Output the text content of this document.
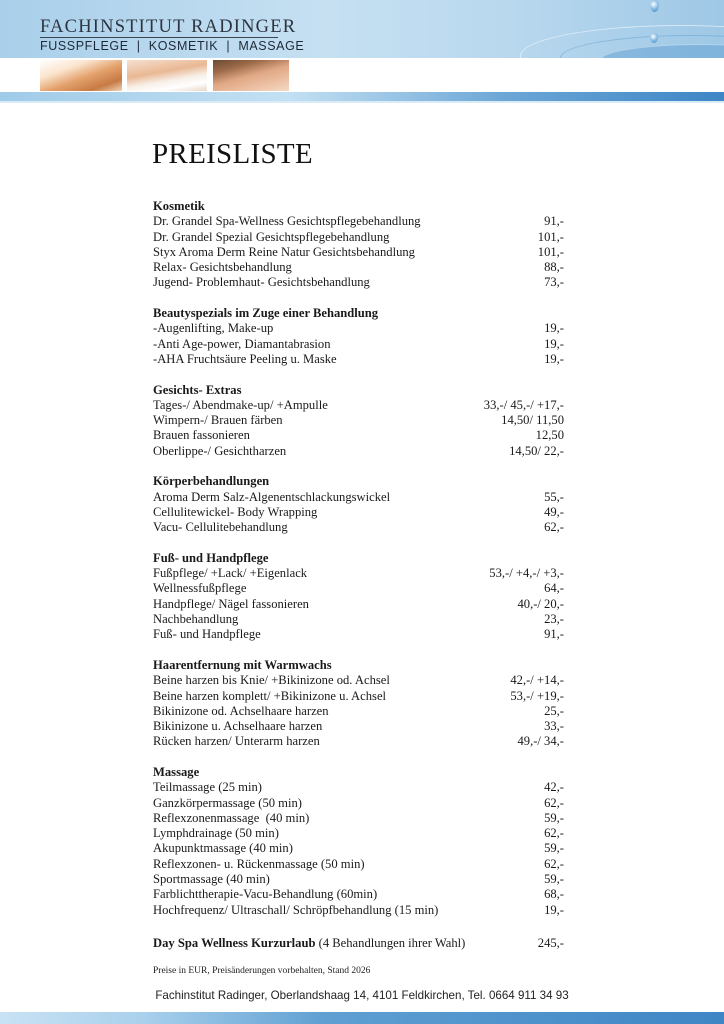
FACHINSTITUT RADINGER
FUSSPFLEGE  |  KOSMETIK  |  MASSAGE
PREISLISTE
Kosmetik
Dr. Grandel Spa-Wellness Gesichtspflegebehandlung	91,-
Dr. Grandel Spezial Gesichtspflegebehandlung	101,-
Styx Aroma Derm Reine Natur Gesichtsbehandlung	101,-
Relax- Gesichtsbehandlung	88,-
Jugend- Problemhaut- Gesichtsbehandlung	73,-
Beautyspezials im Zuge einer Behandlung
-Augenlifting, Make-up	19,-
-Anti Age-power, Diamantabrasion	19,-
-AHA Fruchtsäure Peeling u. Maske	19,-
Gesichts- Extras
Tages-/ Abendmake-up/ +Ampulle	33,-/ 45,-/ +17,-
Wimpern-/ Brauen färben	14,50/ 11,50
Brauen fassonieren	12,50
Oberlippe-/ Gesichtharzen	14,50/ 22,-
Körperbehandlungen
Aroma Derm Salz-Algenentschlackungswickel	55,-
Cellulitewickel- Body Wrapping	49,-
Vacu- Cellulitebehandlung	62,-
Fuß- und Handpflege
Fußpflege/ +Lack/ +Eigenlack	53,-/ +4,-/ +3,-
Wellnessfußpflege	64,-
Handpflege/ Nägel fassonieren	40,-/ 20,-
Nachbehandlung	23,-
Fuß- und Handpflege	91,-
Haarentfernung mit Warmwachs
Beine harzen bis Knie/ +Bikinizone od. Achsel	42,-/ +14,-
Beine harzen komplett/ +Bikinizone u. Achsel	53,-/ +19,-
Bikinizone od. Achselhaare harzen	25,-
Bikinizone u. Achselhaare harzen	33,-
Rücken harzen/ Unterarm harzen	49,-/ 34,-
Massage
Teilmassage (25 min)	42,-
Ganzkörpermassage (50 min)	62,-
Reflexzonenmassage  (40 min)	59,-
Lymphdrainage (50 min)	62,-
Akupunktmassage (40 min)	59,-
Reflexzonen- u. Rückenmassage (50 min)	62,-
Sportmassage (40 min)	59,-
Farblichttherapie-Vacu-Behandlung (60min)	68,-
Hochfrequenz/ Ultraschall/ Schröpfbehandlung (15 min)	19,-
Day Spa Wellness Kurzurlaub (4 Behandlungen ihrer Wahl)	245,-
Preise in EUR, Preisänderungen vorbehalten, Stand 2026
Fachinstitut Radinger, Oberlandshaag 14, 4101 Feldkirchen, Tel. 0664 911 34 93
